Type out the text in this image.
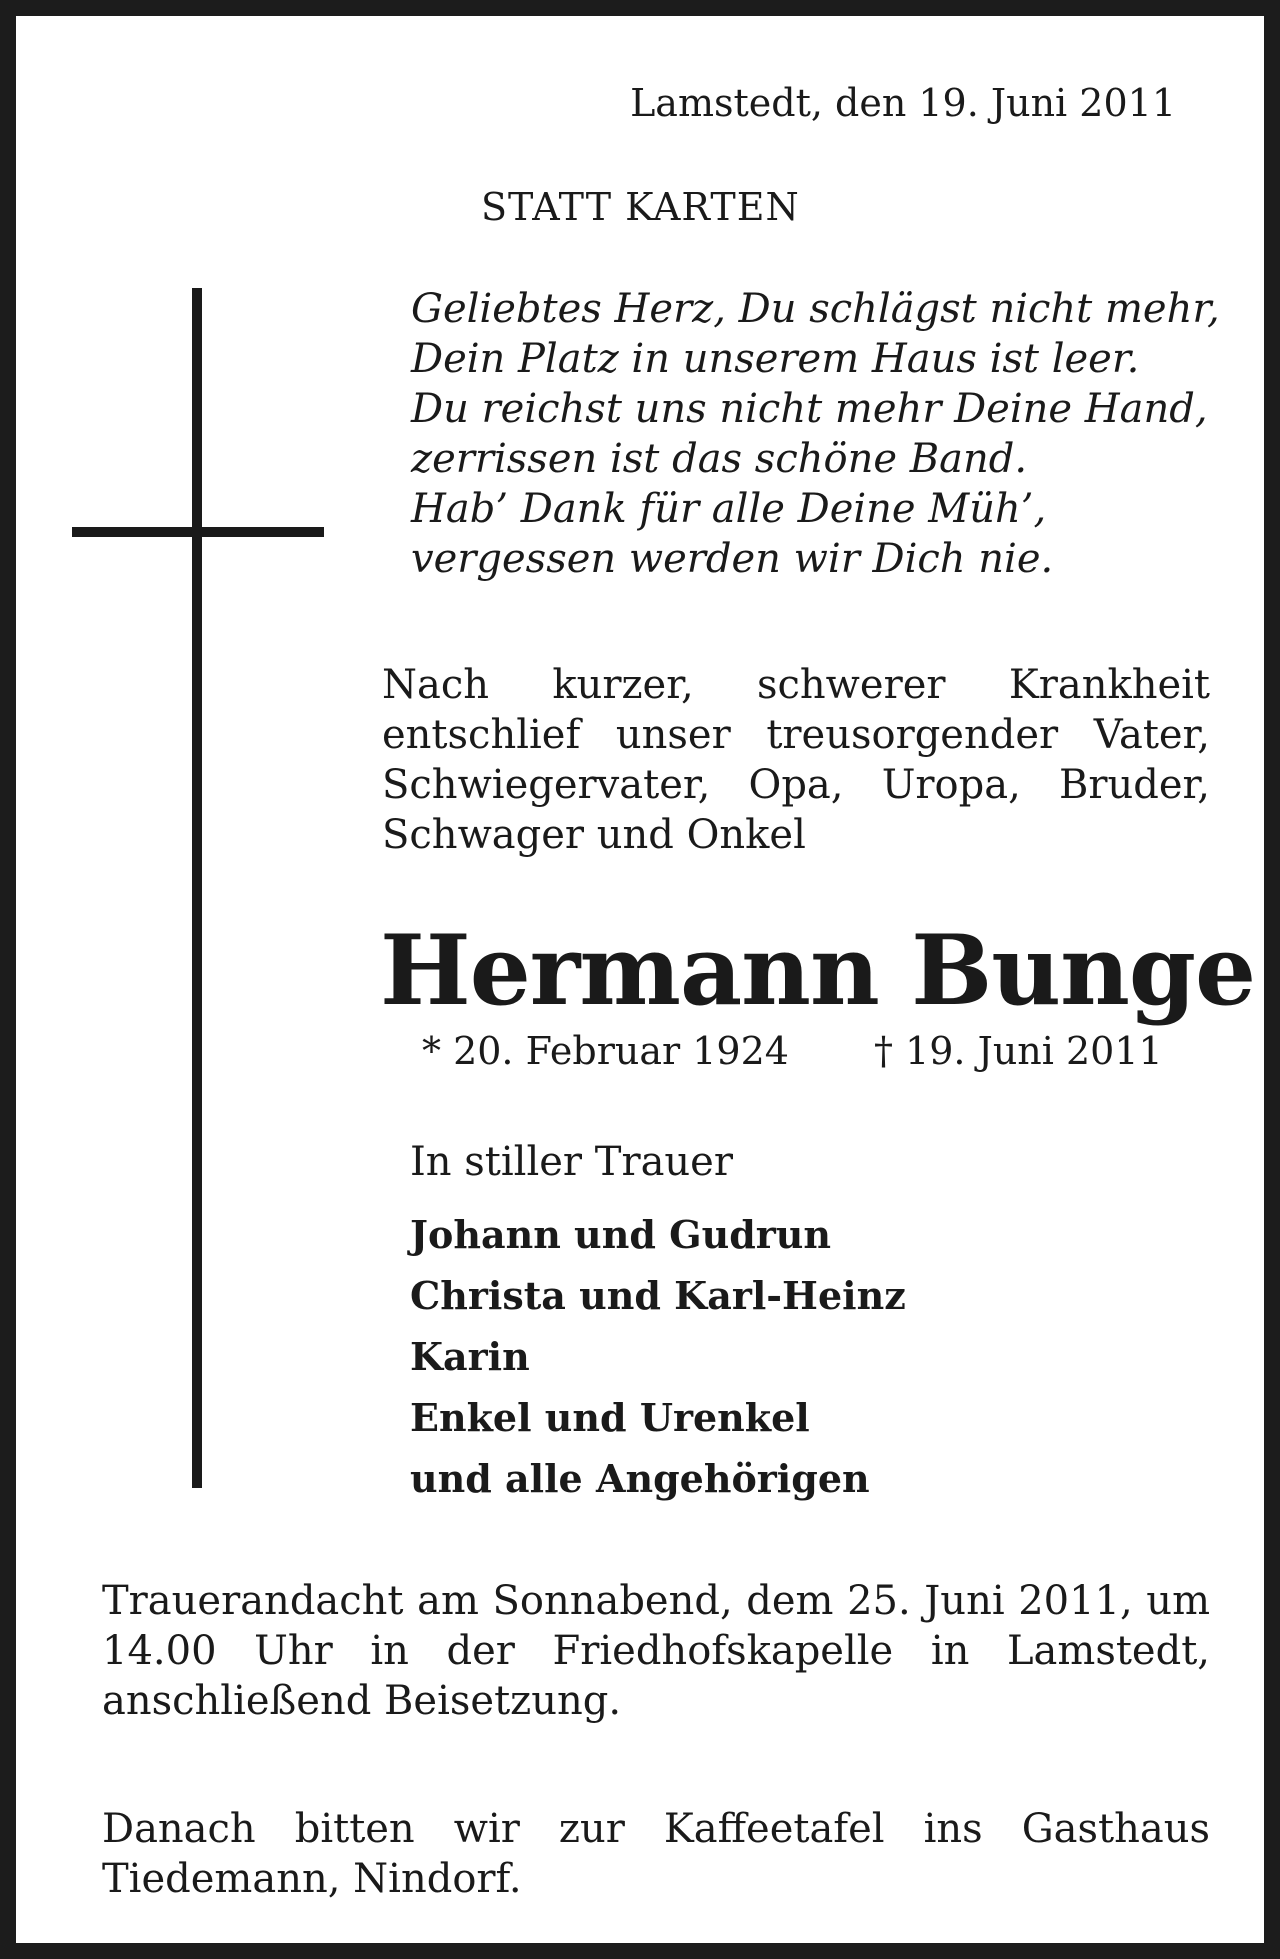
Lamstedt, den 19. Juni 2011
STATT KARTEN
Geliebtes Herz, Du schlägst nicht mehr,
Dein Platz in unserem Haus ist leer.
Du reichst uns nicht mehr Deine Hand,
zerrissen ist das schöne Band.
Hab’ Dank für alle Deine Müh’,
vergessen werden wir Dich nie.
Nach kurzer, schwerer Krankheit entschlief unser treusorgender Vater, Schwiegervater, Opa, Uropa, Bruder, Schwager und Onkel
Hermann Bunge
* 20. Februar 1924 † 19. Juni 2011
In stiller Trauer
Johann und Gudrun
Christa und Karl-Heinz
Karin
Enkel und Urenkel
und alle Angehörigen
Trauerandacht am Sonnabend, dem 25. Juni 2011, um 14.00 Uhr in der Friedhofskapelle in Lamstedt, anschließend Beisetzung.
Danach bitten wir zur Kaffeetafel ins Gasthaus Tiedemann, Nindorf.
